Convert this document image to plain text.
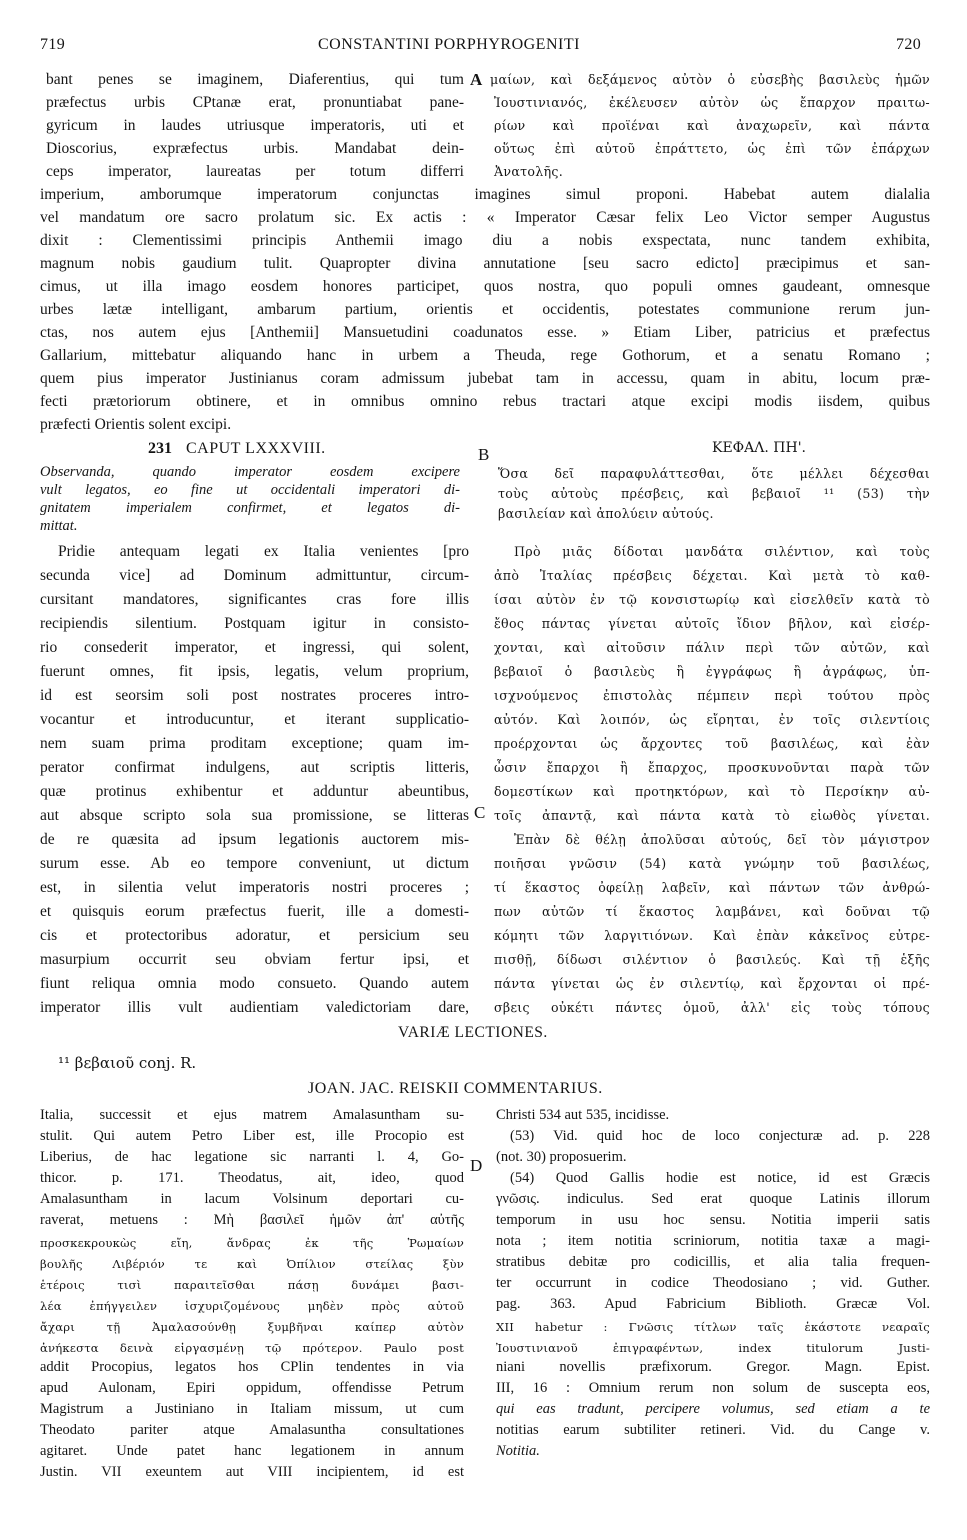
719	CONSTANTINI PORPHYROGENITI	720
bant penes se imaginem, Diaferentius, qui tum
præfectus urbis CPtanæ erat, pronuntiabat pane-
gyricum in laudes utriusque imperatoris, uti et
Dioscorius, expræfectus urbis. Mandabat dein-
ceps imperator, laureatas per totum differri
A μαίων, καὶ δεξάμενος αὐτὸν ὁ εὐσεβὴς βασιλεὺς ἡμῶν
Ἰουστινιανός, ἐκέλευσεν αὐτὸν ὡς ἔπαρχον πραιτω-
ρίων καὶ προϊέναι καὶ ἀναχωρεῖν, καὶ πάντα
οὕτως ἐπὶ αὐτοῦ ἐπράττετο, ὡς ἐπὶ τῶν ἐπάρχων
Ἀνατολῆς.
imperium, amborumque imperatorum conjunctas imagines simul proponi. Habebat autem dialalia
vel mandatum ore sacro prolatum sic. Ex actis : « Imperator Cæsar felix Leo Victor semper Augustus
dixit : Clementissimi principis Anthemii imago diu a nobis exspectata, nunc tandem exhibita,
magnum nobis gaudium tulit. Quapropter divina annutatione [seu sacro edicto] præcipimus et san-
cimus, ut illa imago eosdem honores participet, quos nostra, quo populi omnes gaudeant, omnesque
urbes lætæ intelligant, ambarum partium, orientis et occidentis, potestates communione rerum jun-
ctas, nos autem ejus [Anthemii] Mansuetudini coadunatos esse. » Etiam Liber, patricius et præfectus
Gallarium, mittebatur aliquando hanc in urbem a Theuda, rege Gothorum, et a senatu Romano ;
quem pius imperator Justinianus coram admissum jubebat tam in accessu, quam in abitu, locum præ-
fecti prætoriorum obtinere, et in omnibus omnino rebus tractari atque excipi modis iisdem, quibus
præfecti Orientis solent excipi.
231 CAPUT LXXXVIII.	B	ΚΕΦΑΛ. ΠΗ'.
Observanda, quando imperator eosdem excipere
vult legatos, eo fine ut occidentali imperatori di-
gnitatem imperialem confirmet, et legatos di-
mittat.
Ὅσα δεῖ παραφυλάττεσθαι, ὅτε μέλλει δέχεσθαι
τοὺς αὐτοὺς πρέσβεις, καὶ βεβαιοῖ ¹¹ (53) τὴν
βασιλείαν καὶ ἀπολύειν αὐτούς.
Pridie antequam legati ex Italia venientes [pro
secunda vice] ad Dominum admittuntur, circum-
cursitant mandatores, significantes cras fore illis
recipiendis silentium. Postquam igitur in consisto-
rio consederit imperator, et ingressi, qui solent,
fuerunt omnes, fit ipsis, legatis, velum proprium,
id est seorsim soli post nostrates proceres intro-
vocantur et introducuntur, et iterant supplicatio-
nem suam prima proditam exceptione; quam im-
perator confirmat indulgens, aut scriptis litteris,
quæ protinus exhibentur et adduntur abeuntibus,
aut absque scripto sola sua promissione, se litteras
de re quæsita ad ipsum legationis auctorem mis-
surum esse. Ab eo tempore conveniunt, ut dictum
est, in silentia velut imperatoris nostri proceres ;
et quisquis eorum præfectus fuerit, ille a domesti-
cis et protectoribus adoratur, et persicium seu
masurpium occurrit seu obviam fertur ipsi, et
fiunt reliqua omnia modo consueto. Quando autem
imperator illis vult audientiam valedictoriam dare,
C
Πρὸ μιᾶς δίδοται μανδάτα σιλέντιον, καὶ τοὺς
ἀπὸ Ἰταλίας πρέσβεις δέχεται. Καὶ μετὰ τὸ καθ-
ίσαι αὐτὸν ἐν τῷ κονσιστωρίῳ καὶ εἰσελθεῖν κατὰ τὸ
ἔθος πάντας γίνεται αὐτοῖς ἴδιον βῆλον, καὶ εἰσέρ-
χονται, καὶ αἰτοῦσιν πάλιν περὶ τῶν αὐτῶν, καὶ
βεβαιοῖ ὁ βασιλεὺς ἢ ἐγγράφως ἢ ἀγράφως, ὑπ-
ισχνούμενος ἐπιστολὰς πέμπειν περὶ τούτου πρὸς
αὐτόν. Καὶ λοιπόν, ὡς εἴρηται, ἐν τοῖς σιλεντίοις
προέρχονται ὡς ἄρχοντες τοῦ βασιλέως, καὶ ἐὰν
ὦσιν ἔπαρχοι ἢ ἔπαρχος, προσκυνοῦνται παρὰ τῶν
δομεστίκων καὶ προτηκτόρων, καὶ τὸ Περσίκην αὐ-
τοῖς ἀπαντᾷ, καὶ πάντα κατὰ τὸ εἰωθὸς γίνεται.
Ἐπὰν δὲ θέλῃ ἀπολῦσαι αὐτούς, δεῖ τὸν μάγιστρον
ποιῆσαι γνῶσιν (54) κατὰ γνώμην τοῦ βασιλέως,
τί ἕκαστος ὀφείλῃ λαβεῖν, καὶ πάντων τῶν ἀνθρώ-
πων αὐτῶν τί ἕκαστος λαμβάνει, καὶ δοῦναι τῷ
κόμητι τῶν λαργιτιόνων. Καὶ ἐπὰν κἀκεῖνος εὐτρε-
πισθῇ, δίδωσι σιλέντιον ὁ βασιλεύς. Καὶ τῇ ἑξῆς
πάντα γίνεται ὡς ἐν σιλεντίῳ, καὶ ἔρχονται οἱ πρέ-
σβεις οὐκέτι πάντες ὁμοῦ, ἀλλ' εἰς τοὺς τόπους
VARIÆ LECTIONES.
¹¹ βεβαιοῦ conj. R.
JOAN. JAC. REISKII COMMENTARIUS.
Italia, successit et ejus matrem Amalasuntham su-
stulit. Qui autem Petro Liber est, ille Procopio est
Liberius, de hac legatione sic narranti l. 4, Go-
thicor. p. 171. Theodatus, ait, ideo, quod
Amalasuntham in lacum Volsinum deportari cu-
raverat, metuens : Μὴ βασιλεῖ ἡμῶν ἀπ' αὐτῆς
προσκεκρουκὼς εἴη, ἄνδρας ἐκ τῆς Ῥωμαίων
βουλῆς Λιβέριόν τε καὶ Ὀπίλιον στείλας ξὺν
ἑτέροις τισὶ παραιτεῖσθαι πάσῃ δυνάμει βασι-
λέα ἐπήγγειλεν ἰσχυριζομένους μηδὲν πρὸς αὐτοῦ
ἄχαρι τῇ Ἀμαλασούνθῃ ξυμβῆναι καίπερ αὐτὸν
ἀνήκεστα δεινὰ εἰργασμένῃ τῷ πρότερον. Paulo post
addit Procopius, legatos hos CPlin tendentes in via
apud Aulonam, Epiri oppidum, offendisse Petrum
Magistrum a Justiniano in Italiam missum, ut cum
Theodato pariter atque Amalasuntha consultationes
agitaret. Unde patet hanc legationem in annum
Justin. VII exeuntem aut VIII incipientem, id est
D
Christi 534 aut 535, incidisse.
(53) Vid. quid hoc de loco conjecturæ ad. p. 228
(not. 30) proposuerim.
(54) Quod Gallis hodie est notice, id est Græcis
γνῶσις. indiculus. Sed erat quoque Latinis illorum
temporum in usu hoc sensu. Notitia imperii satis
nota ; item notitia scriniorum, notitia taxæ a magi-
stratibus debitæ pro codicillis, et alia talia frequen-
ter occurrunt in codice Theodosiano ; vid. Guther.
pag. 363. Apud Fabricium Biblioth. Græcæ Vol.
XII habetur : Γνῶσις τίτλων ταῖς ἑκάστοτε νεαραῖς
Ἰουστινιανοῦ ἐπιγραφέντων, index titulorum Justi-
niani novellis præfixorum. Gregor. Magn. Epist.
III, 16 : Omnium rerum non solum de suscepta eos,
qui eas tradunt, percipere volumus, sed etiam a te
notitias earum subtiliter retineri. Vid. du Cange v.
Notitia.
